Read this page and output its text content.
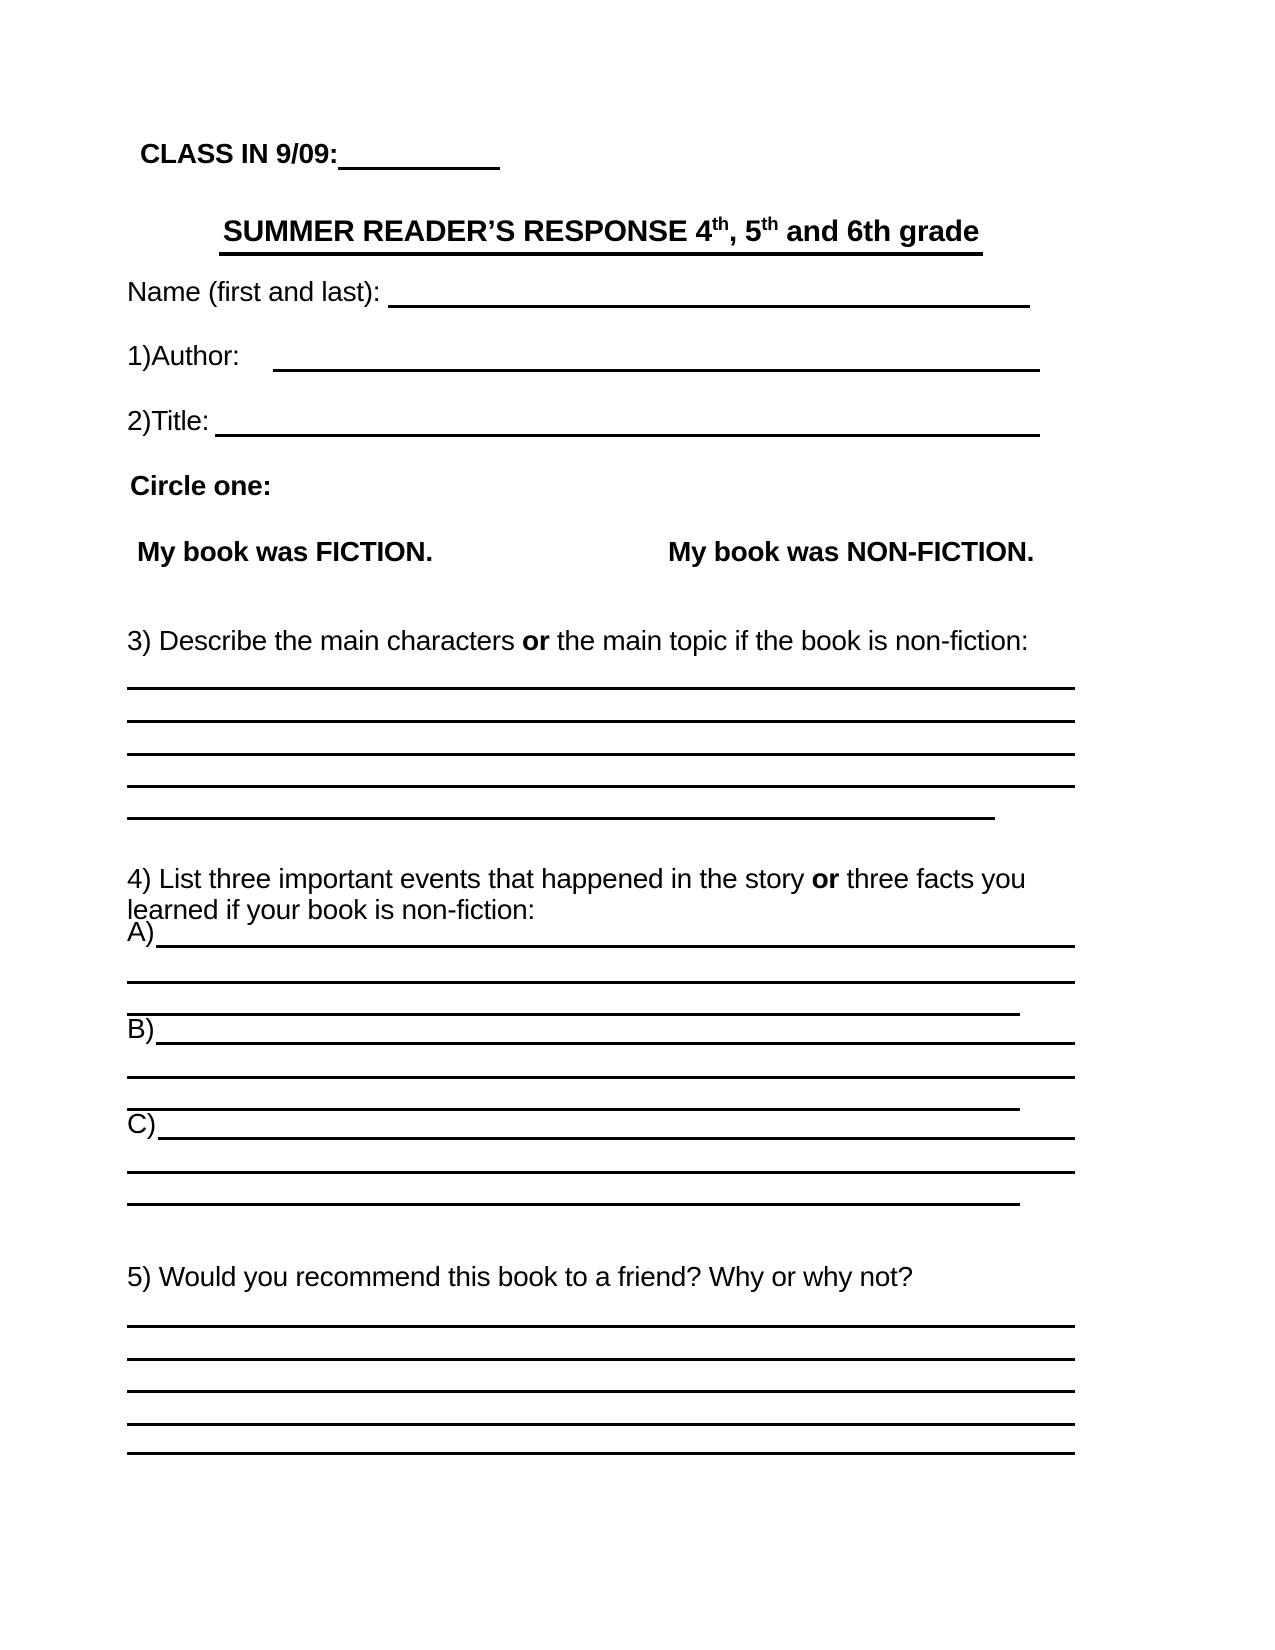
CLASS IN 9/09:
SUMMER READER’S RESPONSE 4th, 5th and 6th grade
Name (first and last):
1)Author:
2)Title:
Circle one:
My book was FICTION.	My book was NON-FICTION.
3) Describe the main characters or the main topic if the book is non-fiction:
4) List three important events that happened in the story or three facts you
learned if your book is non-fiction:
A)
B)
C)
5) Would you recommend this book to a friend? Why or why not?
